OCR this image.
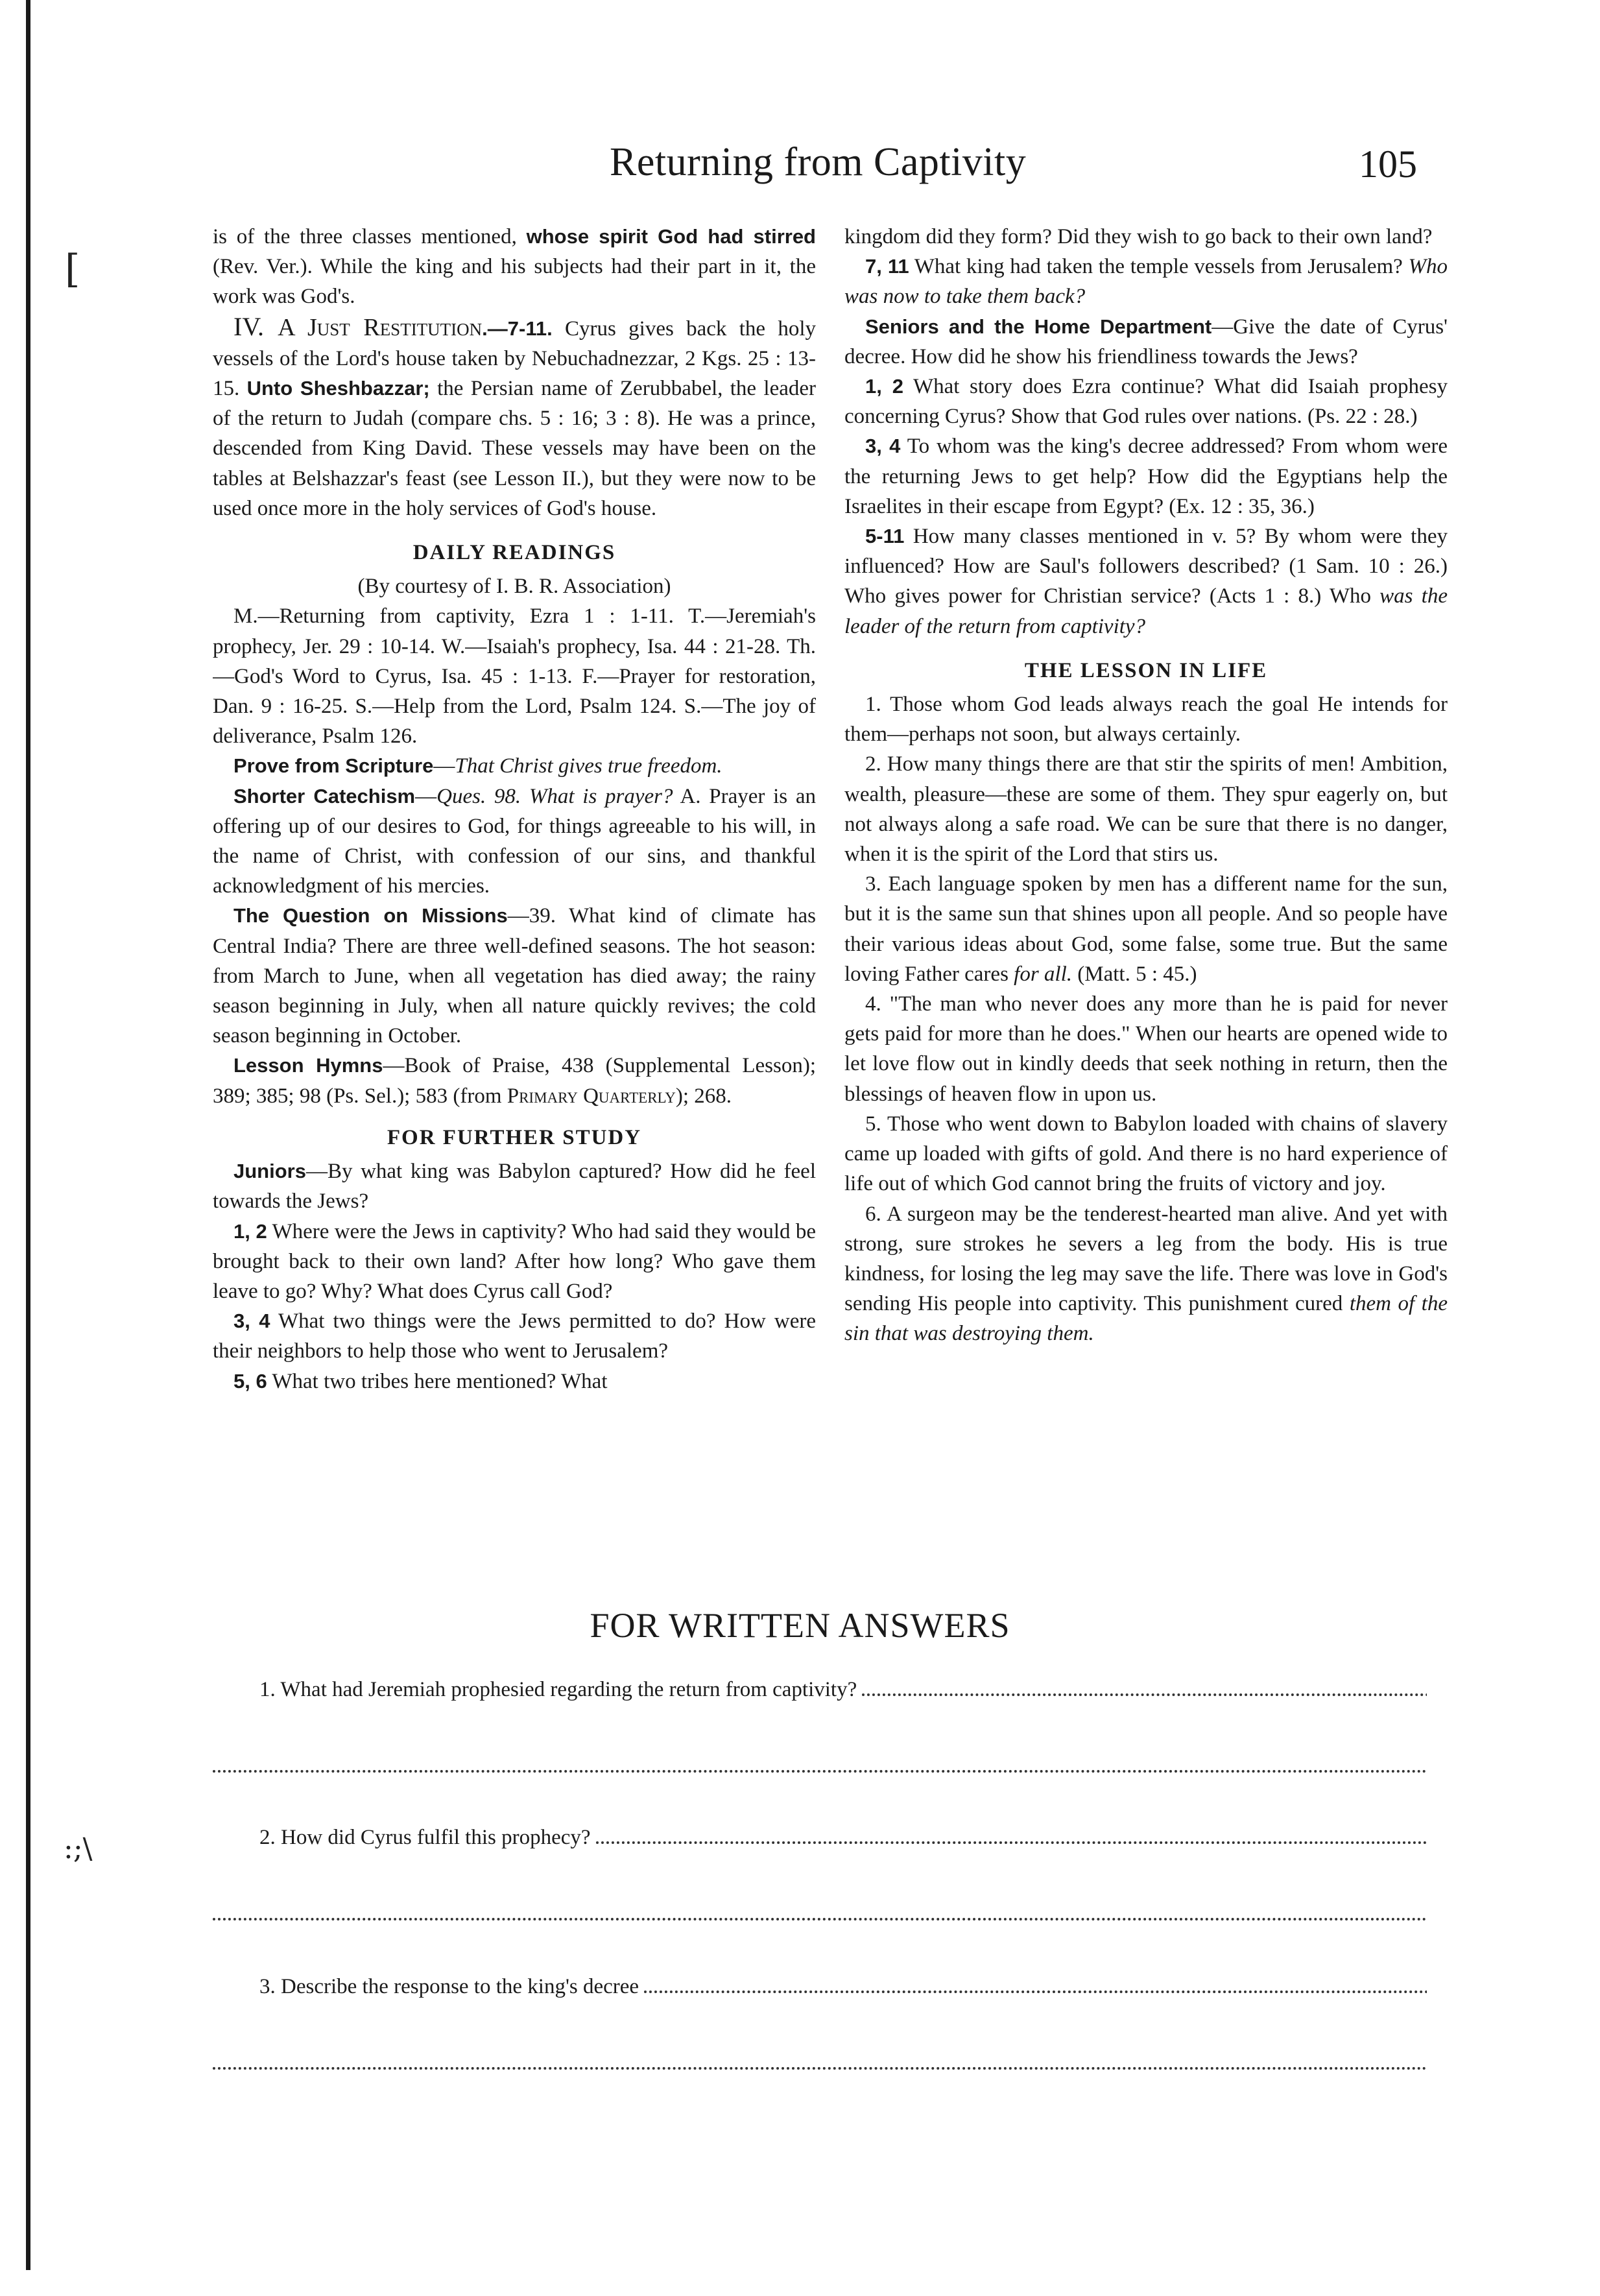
[
:;\
Returning from Captivity	105

is of the three classes mentioned, whose spirit God had stirred (Rev. Ver.). While the king and his subjects had their part in it, the work was God's.

IV. A Just Restitution.—7-11. Cyrus gives back the holy vessels of the Lord's house taken by Nebuchadnezzar, 2 Kgs. 25 : 13-15. Unto Sheshbazzar; the Persian name of Zerubbabel, the leader of the return to Judah (compare chs. 5 : 16; 3 : 8). He was a prince, descended from King David. These vessels may have been on the tables at Belshazzar's feast (see Lesson II.), but they were now to be used once more in the holy services of God's house.

DAILY READINGS

(By courtesy of I. B. R. Association)

M.—Returning from captivity, Ezra 1 : 1-11. T.—Jeremiah's prophecy, Jer. 29 : 10-14. W.—Isaiah's prophecy, Isa. 44 : 21-28. Th.—God's Word to Cyrus, Isa. 45 : 1-13. F.—Prayer for restoration, Dan. 9 : 16-25. S.—Help from the Lord, Psalm 124. S.—The joy of deliverance, Psalm 126.

Prove from Scripture—That Christ gives true freedom.

Shorter Catechism—Ques. 98. What is prayer? A. Prayer is an offering up of our desires to God, for things agreeable to his will, in the name of Christ, with confession of our sins, and thankful acknowledgment of his mercies.

The Question on Missions—39. What kind of climate has Central India? There are three well-defined seasons. The hot season: from March to June, when all vegetation has died away; the rainy season beginning in July, when all nature quickly revives; the cold season beginning in October.

Lesson Hymns—Book of Praise, 438 (Supplemental Lesson); 389; 385; 98 (Ps. Sel.); 583 (from Primary Quarterly); 268.

FOR FURTHER STUDY

Juniors—By what king was Babylon captured? How did he feel towards the Jews?

1, 2 Where were the Jews in captivity? Who had said they would be brought back to their own land? After how long? Who gave them leave to go? Why? What does Cyrus call God?

3, 4 What two things were the Jews permitted to do? How were their neighbors to help those who went to Jerusalem?

5, 6 What two tribes here mentioned? What

kingdom did they form? Did they wish to go back to their own land?

7, 11 What king had taken the temple vessels from Jerusalem? Who was now to take them back?

Seniors and the Home Department—Give the date of Cyrus' decree. How did he show his friendliness towards the Jews?

1, 2 What story does Ezra continue? What did Isaiah prophesy concerning Cyrus? Show that God rules over nations. (Ps. 22 : 28.)

3, 4 To whom was the king's decree addressed? From whom were the returning Jews to get help? How did the Egyptians help the Israelites in their escape from Egypt? (Ex. 12 : 35, 36.)

5-11 How many classes mentioned in v. 5? By whom were they influenced? How are Saul's followers described? (1 Sam. 10 : 26.) Who gives power for Christian service? (Acts 1 : 8.) Who was the leader of the return from captivity?

THE LESSON IN LIFE

1. Those whom God leads always reach the goal He intends for them—perhaps not soon, but always certainly.

2. How many things there are that stir the spirits of men! Ambition, wealth, pleasure—these are some of them. They spur eagerly on, but not always along a safe road. We can be sure that there is no danger, when it is the spirit of the Lord that stirs us.

3. Each language spoken by men has a different name for the sun, but it is the same sun that shines upon all people. And so people have their various ideas about God, some false, some true. But the same loving Father cares for all. (Matt. 5 : 45.)

4. "The man who never does any more than he is paid for never gets paid for more than he does." When our hearts are opened wide to let love flow out in kindly deeds that seek nothing in return, then the blessings of heaven flow in upon us.

5. Those who went down to Babylon loaded with chains of slavery came up loaded with gifts of gold. And there is no hard experience of life out of which God cannot bring the fruits of victory and joy.

6. A surgeon may be the tenderest-hearted man alive. And yet with strong, sure strokes he severs a leg from the body. His is true kindness, for losing the leg may save the life. There was love in God's sending His people into captivity. This punishment cured them of the sin that was destroying them.

FOR WRITTEN ANSWERS
1. What had Jeremiah prophesied regarding the return from captivity?
2. How did Cyrus fulfil this prophecy?
3. Describe the response to the king's decree
